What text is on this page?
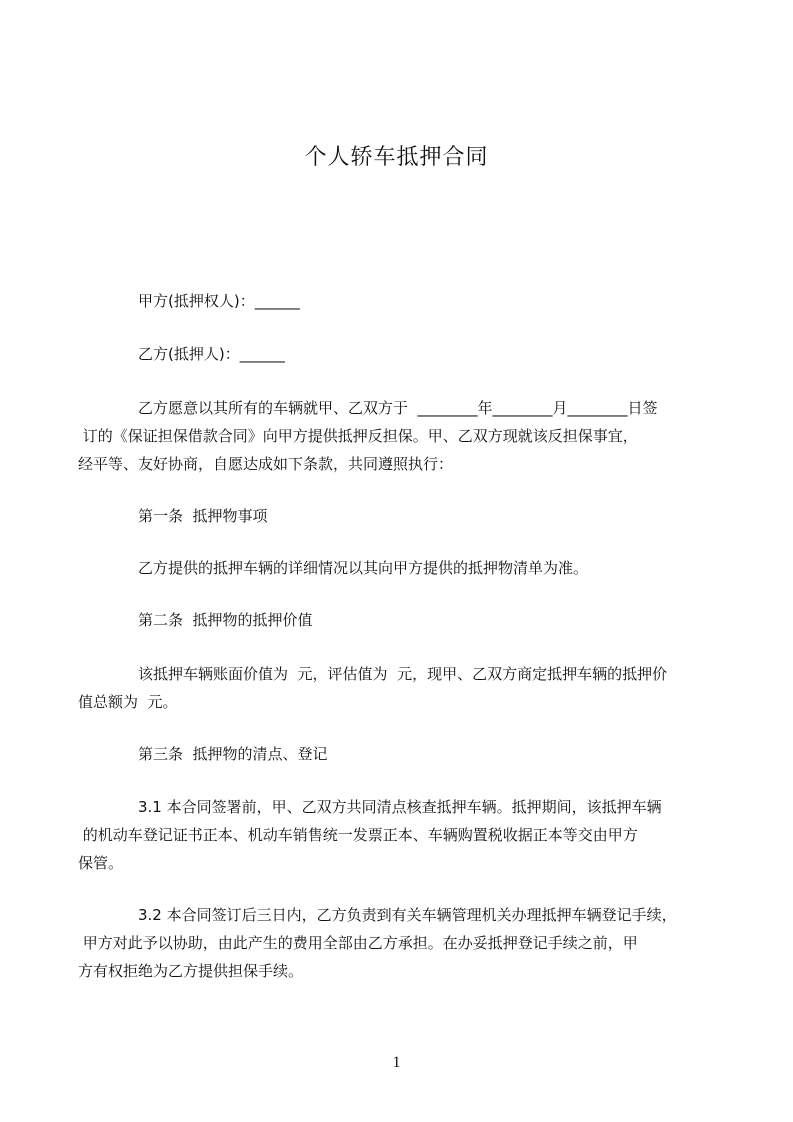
个人轿车抵押合同

甲方(抵押权人)：______

乙方(抵押人)：______

乙方愿意以其所有的车辆就甲、乙双方于  ________年________月________日签

订的《保证担保借款合同》向甲方提供抵押反担保。甲、乙双方现就该反担保事宜，

经平等、友好协商，自愿达成如下条款，共同遵照执行：

第一条  抵押物事项

乙方提供的抵押车辆的详细情况以其向甲方提供的抵押物清单为准。

第二条  抵押物的抵押价值

该抵押车辆账面价值为  元，评估值为  元，现甲、乙双方商定抵押车辆的抵押价

值总额为  元。

第三条  抵押物的清点、登记

3.1 本合同签署前，甲、乙双方共同清点核查抵押车辆。抵押期间，该抵押车辆

的机动车登记证书正本、机动车销售统一发票正本、车辆购置税收据正本等交由甲方

保管。

3.2 本合同签订后三日内，乙方负责到有关车辆管理机关办理抵押车辆登记手续，

甲方对此予以协助，由此产生的费用全部由乙方承担。在办妥抵押登记手续之前，甲

方有权拒绝为乙方提供担保手续。

1
